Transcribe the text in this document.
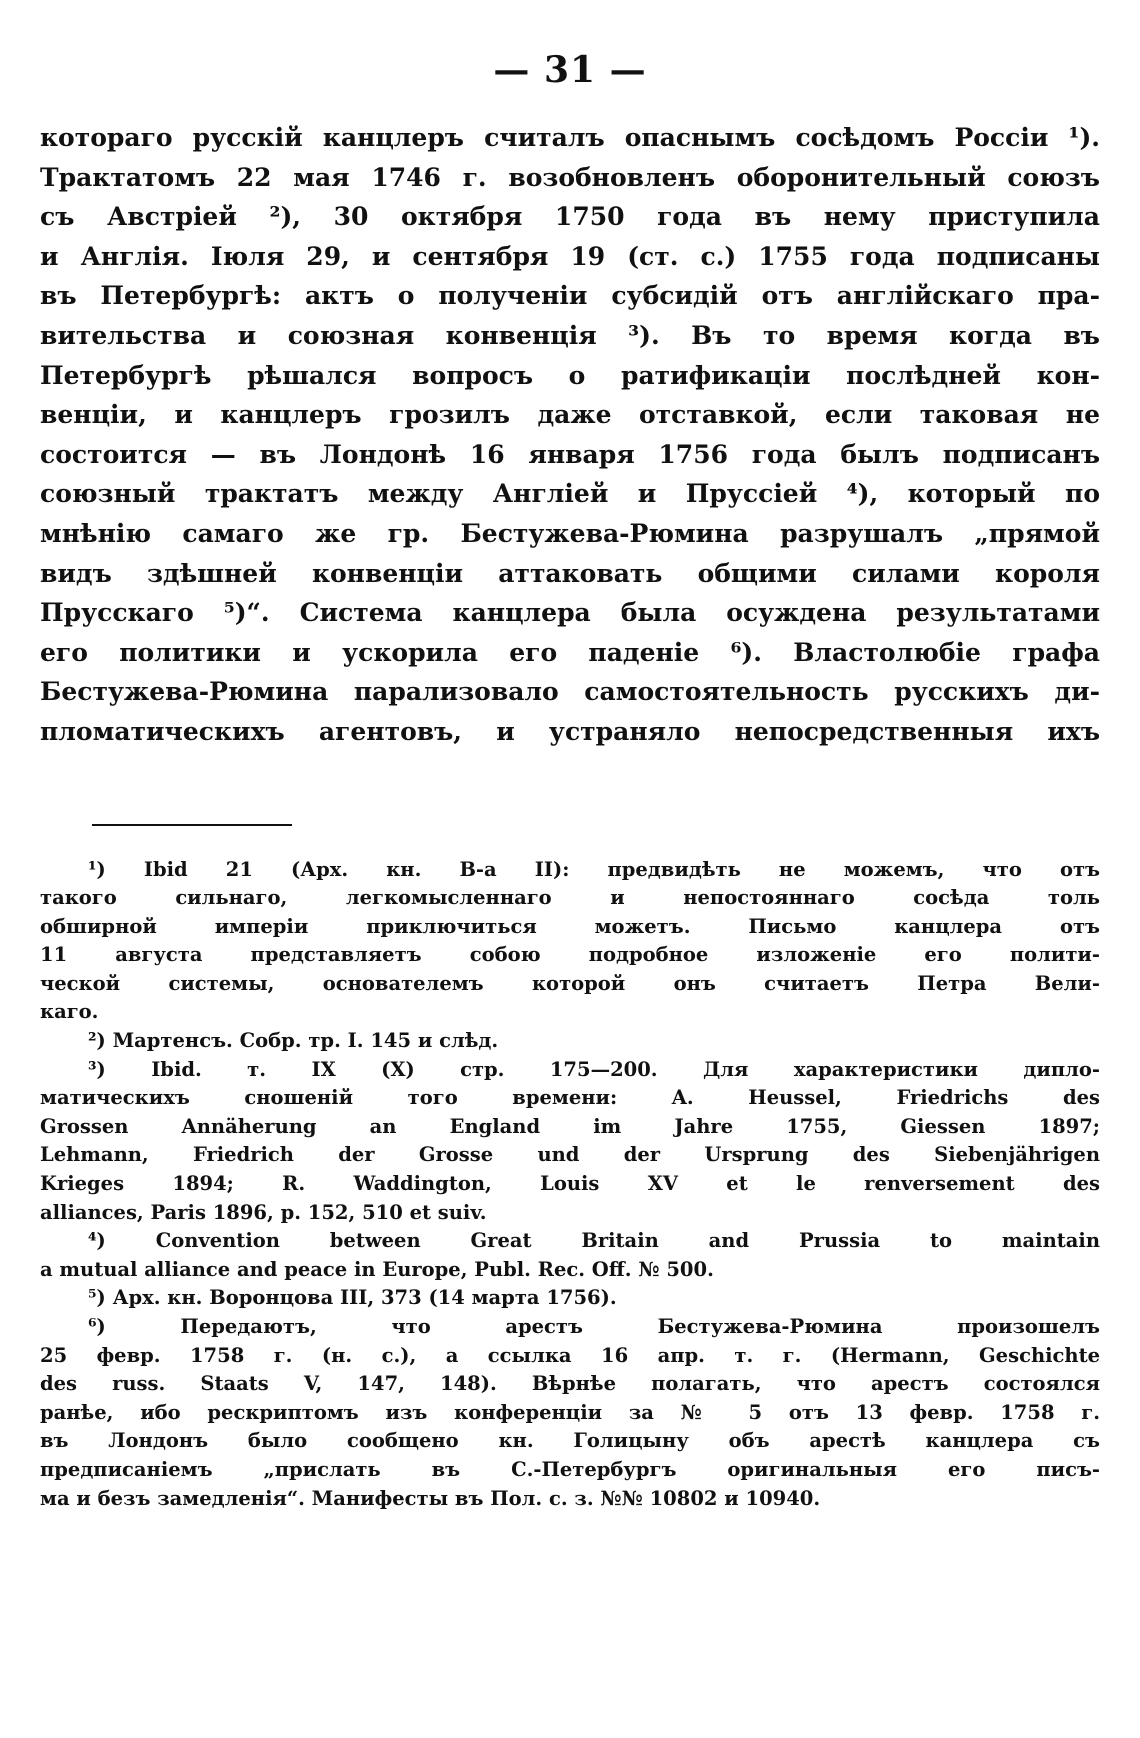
— 31 —
котораго русскій канцлеръ считалъ опаснымъ сосѣдомъ Россіи ¹).
Трактатомъ 22 мая 1746 г. возобновленъ оборонительный союзъ
съ Австріей ²), 30 октября 1750 года въ нему приступила
и Англія. Іюля 29, и сентября 19 (ст. с.) 1755 года подписаны
въ Петербургѣ: актъ о полученіи субсидій отъ англійскаго пра-
вительства и союзная конвенція ³). Въ то время когда въ
Петербургѣ рѣшался вопросъ о ратификаціи послѣдней кон-
венціи, и канцлеръ грозилъ даже отставкой, если таковая не
состоится — въ Лондонѣ 16 января 1756 года былъ подписанъ
союзный трактатъ между Англіей и Пруссіей ⁴), который по
мнѣнію самаго же гр. Бестужева-Рюмина разрушалъ „прямой
видъ здѣшней конвенціи аттаковать общими силами короля
Прусскаго ⁵)“. Система канцлера была осуждена результатами
его политики и ускорила его паденіе ⁶). Властолюбіе графа
Бестужева-Рюмина парализовало самостоятельность русскихъ ди-
пломатическихъ агентовъ, и устраняло непосредственныя ихъ
¹) Ibid 21 (Арх. кн. В-а II): предвидѣть не можемъ, что отъ
такого сильнаго, легкомысленнаго и непостояннаго сосѣда толь
обширной имперіи приключиться можетъ. Письмо канцлера отъ
11 августа представляетъ собою подробное изложеніе его полити-
ческой системы, основателемъ которой онъ считаетъ Петра Вели-
каго.
²) Мартенсъ. Собр. тр. I. 145 и слѣд.
³) Ibid. т. IX (X) стр. 175—200. Для характеристики дипло-
матическихъ сношеній того времени: A. Heussel, Friedrichs des
Grossen Annäherung an England im Jahre 1755, Giessen 1897;
Lehmann, Friedrich der Grosse und der Ursprung des Siebenjährigen
Krieges 1894; R. Waddington, Louis XV et le renversement des
alliances, Paris 1896, p. 152, 510 et suiv.
⁴)	Convention between Great Britain and Prussia to maintain
a mutual alliance and peace in Europe, Publ. Rec. Off. № 500.
⁵) Арх. кн. Воронцова III, 373 (14 марта 1756).
⁶)	Передаютъ, что арестъ Бестужева-Рюмина произошелъ
25 февр. 1758 г. (н. с.), а ссылка 16 апр. т. г. (Hermann, Geschichte
des russ. Staats V, 147, 148). Вѣрнѣе полагать, что арестъ состоялся
ранѣе, ибо рескриптомъ изъ конференціи за № 5 отъ 13 февр. 1758 г.
въ Лондонъ было сообщено кн. Голицыну объ арестѣ канцлера съ
предписаніемъ „прислать въ С.-Петербургъ оригинальныя его писъ-
ма и безъ замедленія“. Манифесты въ Пол. с. з. №№ 10802 и 10940.
